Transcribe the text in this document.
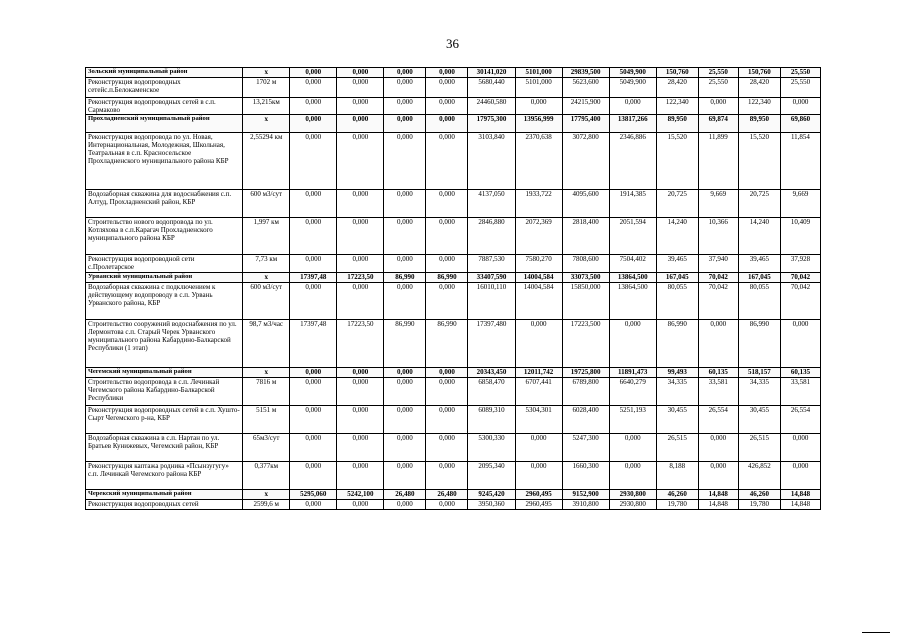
36
Зольский муниципальный район	x	0,000	0,000	0,000	0,000	30141,020	5101,000	29839,500	5049,900	150,760	25,550	150,760	25,550
Реконструкция водопроводных сетейс.п.Белокаменское	1702 м	0,000	0,000	0,000	0,000	5680,440	5101,000	5623,600	5049,900	28,420	25,550	28,420	25,550
Реконструкция водопроводных сетей в с.п. Сармаково	13,215км	0,000	0,000	0,000	0,000	24460,580	0,000	24215,900	0,000	122,340	0,000	122,340	0,000
Прохладненский муниципальный район	x	0,000	0,000	0,000	0,000	17975,300	13956,999	17795,400	13817,266	89,950	69,874	89,950	69,860
Реконструкция водопровода по ул. Новая, Интернациональная, Молодежная, Школьная, Театральная в с.п. Красносельское Прохладненского муниципального района КБР	2,55294 км	0,000	0,000	0,000	0,000	3103,840	2370,638	3072,800	2346,886	15,520	11,899	15,520	11,854
Водозаборная скважина для водоснабжения с.п. Алтуд, Прохладненский район, КБР	600 м3/сут	0,000	0,000	0,000	0,000	4137,050	1933,722	4095,600	1914,385	20,725	9,669	20,725	9,669
Строительство нового водопровода по ул. Котляхова в с.п.Карагач Прохладненского муниципального района КБР	1,997 км	0,000	0,000	0,000	0,000	2846,880	2072,369	2818,400	2051,594	14,240	10,366	14,240	10,409
Реконструкция водопроводной сети с.Пролетарское	7,73 км	0,000	0,000	0,000	0,000	7887,530	7580,270	7808,600	7504,402	39,465	37,940	39,465	37,928
Урванский муниципальный район	x	17397,48	17223,50	86,990	86,990	33407,590	14004,584	33073,500	13864,500	167,045	70,042	167,045	70,042
Водозаборная скважина с подключением к действующему водопроводу в с.п. Урвань Урванского района, КБР	600 м3/сут	0,000	0,000	0,000	0,000	16010,110	14004,584	15850,000	13864,500	80,055	70,042	80,055	70,042
Строительство сооружений водоснабжения по ул. Лермонтова с.п. Старый Черек Урванского муниципального района Кабардино-Балкарской Республики (1 этап)	98,7 м3/час	17397,48	17223,50	86,990	86,990	17397,480	0,000	17223,500	0,000	86,990	0,000	86,990	0,000
Чегемский муниципальный район	x	0,000	0,000	0,000	0,000	20343,450	12011,742	19725,800	11891,473	99,493	60,135	518,157	60,135
Строительство водопровода в с.п. Лечинкай Чегемского района Кабардино-Балкарской Республики	7816 м	0,000	0,000	0,000	0,000	6858,470	6707,441	6789,800	6640,279	34,335	33,581	34,335	33,581
Реконструкция водопроводных сетей в с.п. Хушто-Сырт Чегемского р-на, КБР	5151 м	0,000	0,000	0,000	0,000	6089,310	5304,301	6028,400	5251,193	30,455	26,554	30,455	26,554
Водозаборная скважина в с.п. Нартан по ул. Братьев Кунижевых, Чегемский район, КБР	65м3/сут	0,000	0,000	0,000	0,000	5300,330	0,000	5247,300	0,000	26,515	0,000	26,515	0,000
Реконструкция каптажа родника «Псынзугугу» с.п. Лечинкай Чегемского района КБР	0,377км	0,000	0,000	0,000	0,000	2095,340	0,000	1660,300	0,000	8,188	0,000	426,852	0,000
Черекский муниципальный район	x	5295,060	5242,100	26,480	26,480	9245,420	2960,495	9152,900	2930,800	46,260	14,848	46,260	14,848
Реконструкция водопроводных сетей	2599,6 м	0,000	0,000	0,000	0,000	3950,360	2960,495	3910,800	2930,800	19,780	14,848	19,780	14,848
